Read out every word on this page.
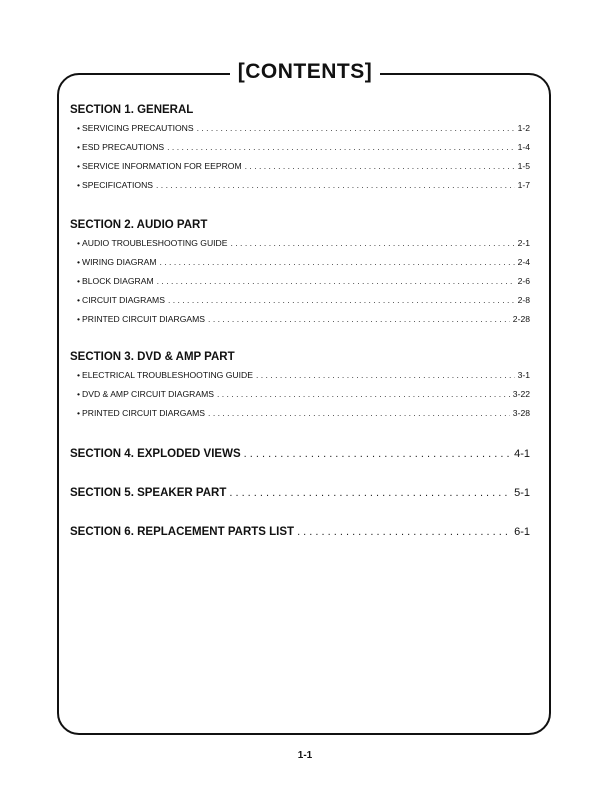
[CONTENTS]
SECTION 1. GENERAL
• SERVICING PRECAUTIONS . . .	1-2
• ESD PRECAUTIONS . . .	1-4
• SERVICE INFORMATION FOR EEPROM . . .	1-5
• SPECIFICATIONS . . .	1-7
SECTION 2. AUDIO PART
• AUDIO TROUBLESHOOTING GUIDE . . .	2-1
• WIRING DIAGRAM . . .	2-4
• BLOCK DIAGRAM . . .	2-6
• CIRCUIT DIAGRAMS . . .	2-8
• PRINTED CIRCUIT DIARGAMS . . .	2-28
SECTION 3. DVD & AMP PART
• ELECTRICAL TROUBLESHOOTING GUIDE . . .	3-1
• DVD & AMP CIRCUIT DIAGRAMS . . .	3-22
• PRINTED CIRCUIT DIARGAMS . . .	3-28
SECTION 4. EXPLODED VIEWS . . .	4-1
SECTION 5. SPEAKER PART . . .	5-1
SECTION 6. REPLACEMENT PARTS LIST . . .	6-1
1-1
